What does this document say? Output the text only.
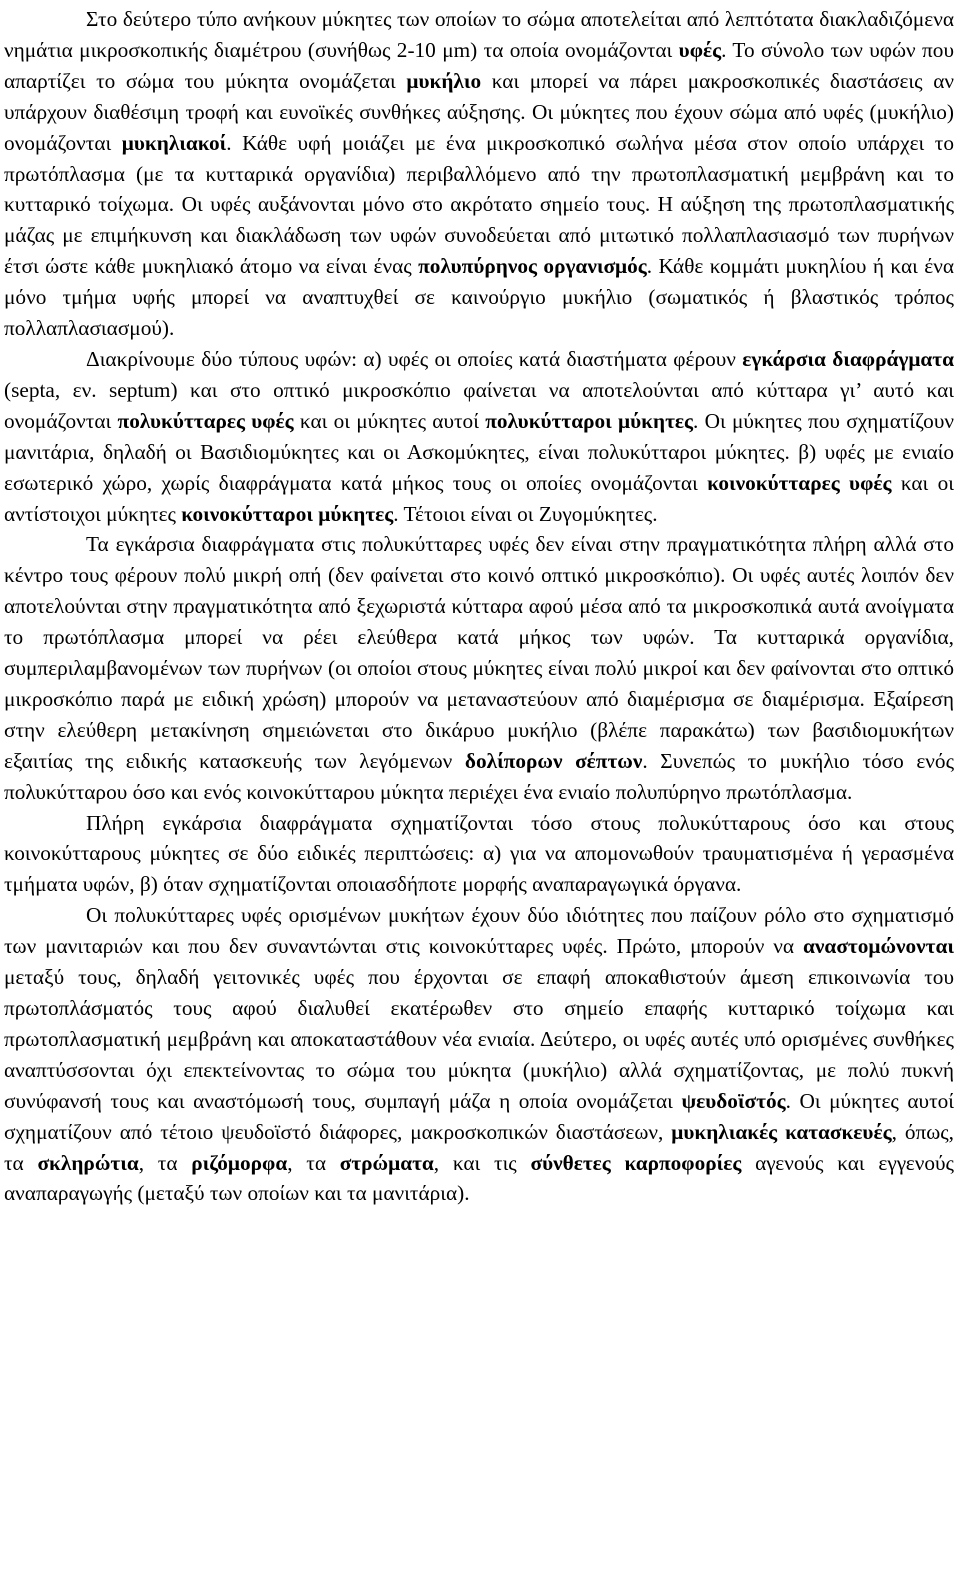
Στο δεύτερο τύπο ανήκουν μύκητες των οποίων το σώμα αποτελείται από λεπτότατα διακλαδιζόμενα νημάτια μικροσκοπικής διαμέτρου (συνήθως 2-10 μm) τα οποία ονομάζονται υφές. Το σύνολο των υφών που απαρτίζει το σώμα του μύκητα ονομάζεται μυκήλιο και μπορεί να πάρει μακροσκοπικές διαστάσεις αν υπάρχουν διαθέσιμη τροφή και ευνοϊκές συνθήκες αύξησης. Οι μύκητες που έχουν σώμα από υφές (μυκήλιο) ονομάζονται μυκηλιακοί. Κάθε υφή μοιάζει με ένα μικροσκοπικό σωλήνα μέσα στον οποίο υπάρχει το πρωτόπλασμα (με τα κυτταρικά οργανίδια) περιβαλλόμενο από την πρωτοπλασματική μεμβράνη και το κυτταρικό τοίχωμα. Οι υφές αυξάνονται μόνο στο ακρότατο σημείο τους. Η αύξηση της πρωτοπλασματικής μάζας με επιμήκυνση και διακλάδωση των υφών συνοδεύεται από μιτωτικό πολλαπλασιασμό των πυρήνων έτσι ώστε κάθε μυκηλιακό άτομο να είναι ένας πολυπύρηνος οργανισμός. Κάθε κομμάτι μυκηλίου ή και ένα μόνο τμήμα υφής μπορεί να αναπτυχθεί σε καινούργιο μυκήλιο (σωματικός ή βλαστικός τρόπος πολλαπλασιασμού).

Διακρίνουμε δύο τύπους υφών: α) υφές οι οποίες κατά διαστήματα φέρουν εγκάρσια διαφράγματα (septa, εν. septum) και στο οπτικό μικροσκόπιο φαίνεται να αποτελούνται από κύτταρα γι’ αυτό και ονομάζονται πολυκύτταρες υφές και οι μύκητες αυτοί πολυκύτταροι μύκητες. Οι μύκητες που σχηματίζουν μανιτάρια, δηλαδή οι Βασιδιομύκητες και οι Ασκομύκητες, είναι πολυκύτταροι μύκητες. β) υφές με ενιαίο εσωτερικό χώρο, χωρίς διαφράγματα κατά μήκος τους οι οποίες ονομάζονται κοινοκύτταρες υφές και οι αντίστοιχοι μύκητες κοινοκύτταροι μύκητες. Τέτοιοι είναι οι Ζυγομύκητες.

Τα εγκάρσια διαφράγματα στις πολυκύτταρες υφές δεν είναι στην πραγματικότητα πλήρη αλλά στο κέντρο τους φέρουν πολύ μικρή οπή (δεν φαίνεται στο κοινό οπτικό μικροσκόπιο). Οι υφές αυτές λοιπόν δεν αποτελούνται στην πραγματικότητα από ξεχωριστά κύτταρα αφού μέσα από τα μικροσκοπικά αυτά ανοίγματα το πρωτόπλασμα μπορεί να ρέει ελεύθερα κατά μήκος των υφών. Τα κυτταρικά οργανίδια, συμπεριλαμβανομένων των πυρήνων (οι οποίοι στους μύκητες είναι πολύ μικροί και δεν φαίνονται στο οπτικό μικροσκόπιο παρά με ειδική χρώση) μπορούν να μεταναστεύουν από διαμέρισμα σε διαμέρισμα. Εξαίρεση στην ελεύθερη μετακίνηση σημειώνεται στο δικάρυο μυκήλιο (βλέπε παρακάτω) των βασιδιομυκήτων εξαιτίας της ειδικής κατασκευής των λεγόμενων δολίπορων σέπτων. Συνεπώς το μυκήλιο τόσο ενός πολυκύτταρου όσο και ενός κοινοκύτταρου μύκητα περιέχει ένα ενιαίο πολυπύρηνο πρωτόπλασμα.

Πλήρη εγκάρσια διαφράγματα σχηματίζονται τόσο στους πολυκύτταρους όσο και στους κοινοκύτταρους μύκητες σε δύο ειδικές περιπτώσεις: α) για να απομονωθούν τραυματισμένα ή γερασμένα τμήματα υφών, β) όταν σχηματίζονται οποιασδήποτε μορφής αναπαραγωγικά όργανα.

Οι πολυκύτταρες υφές ορισμένων μυκήτων έχουν δύο ιδιότητες που παίζουν ρόλο στο σχηματισμό των μανιταριών και που δεν συναντώνται στις κοινοκύτταρες υφές. Πρώτο, μπορούν να αναστομώνονται μεταξύ τους, δηλαδή γειτονικές υφές που έρχονται σε επαφή αποκαθιστούν άμεση επικοινωνία του πρωτοπλάσματός τους αφού διαλυθεί εκατέρωθεν στο σημείο επαφής κυτταρικό τοίχωμα και πρωτοπλασματική μεμβράνη και αποκαταστάθουν νέα ενιαία. Δεύτερο, οι υφές αυτές υπό ορισμένες συνθήκες αναπτύσσονται όχι επεκτείνοντας το σώμα του μύκητα (μυκήλιο) αλλά σχηματίζοντας, με πολύ πυκνή συνύφανσή τους και αναστόμωσή τους, συμπαγή μάζα η οποία ονομάζεται ψευδοϊστός. Οι μύκητες αυτοί σχηματίζουν από τέτοιο ψευδοϊστό διάφορες, μακροσκοπικών διαστάσεων, μυκηλιακές κατασκευές, όπως, τα σκληρώτια, τα ριζόμορφα, τα στρώματα, και τις σύνθετες καρποφορίες αγενούς και εγγενούς αναπαραγωγής (μεταξύ των οποίων και τα μανιτάρια).
